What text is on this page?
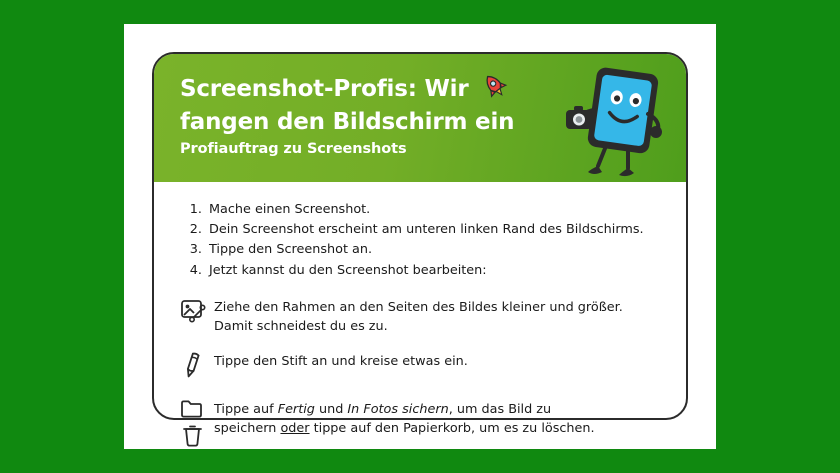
Screenshot-Profis: Wir
fangen den Bildschirm ein
Profiauftrag zu Screenshots
1. Mache einen Screenshot.
2. Dein Screenshot erscheint am unteren linken Rand des Bildschirms.
3. Tippe den Screenshot an.
4. Jetzt kannst du den Screenshot bearbeiten:
Ziehe den Rahmen an den Seiten des Bildes kleiner und größer.
Damit schneidest du es zu.
Tippe den Stift an und kreise etwas ein.
Tippe auf Fertig und In Fotos sichern, um das Bild zu
speichern oder tippe auf den Papierkorb, um es zu löschen.
